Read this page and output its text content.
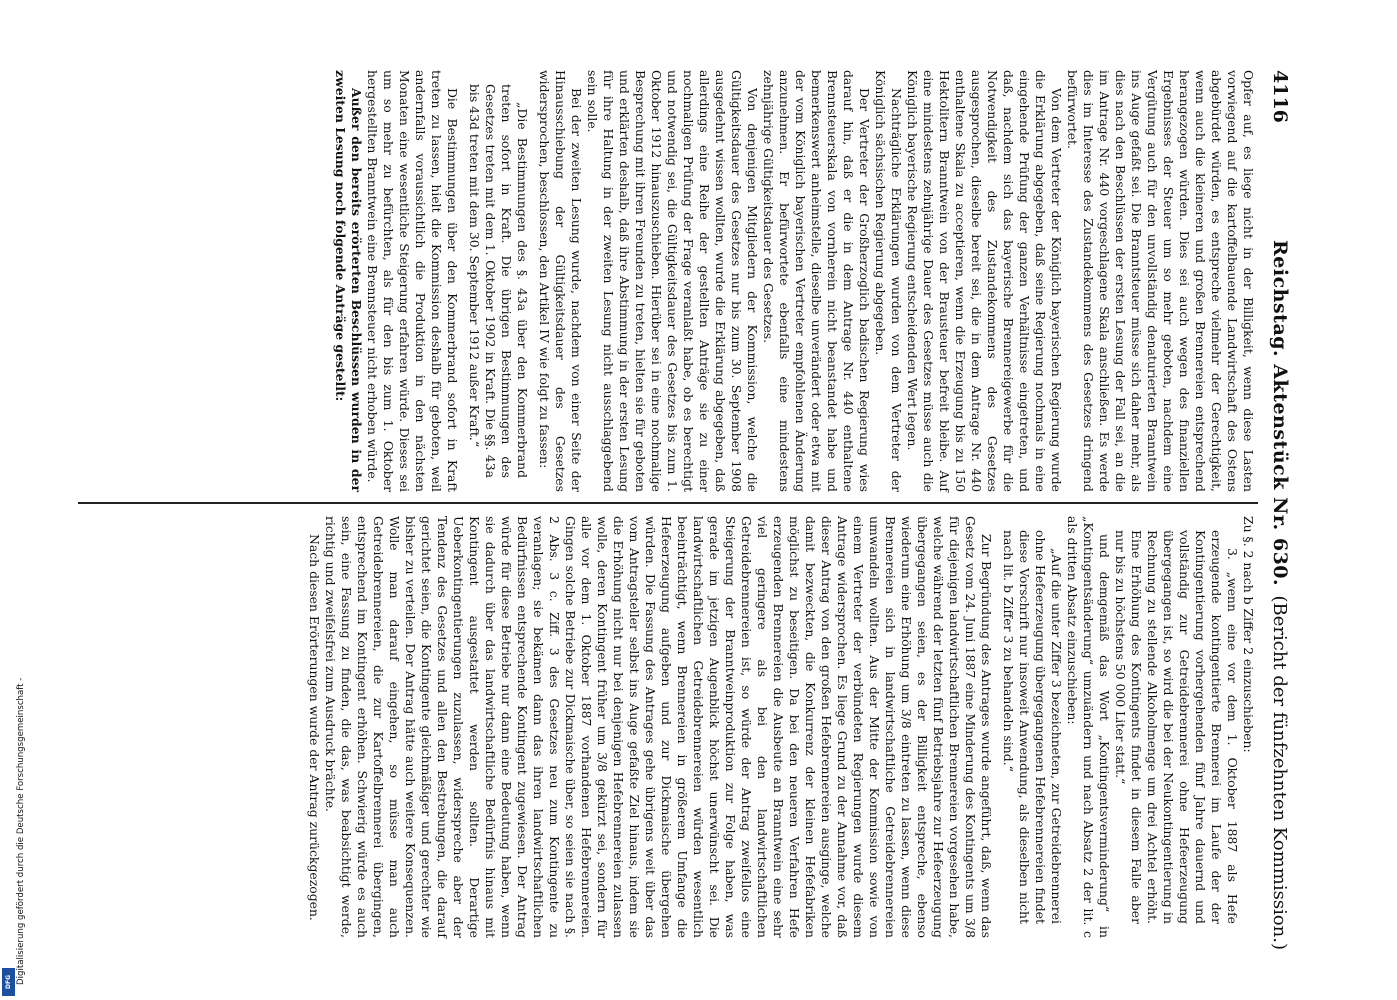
4116
Reichstag. Aktenstück Nr. 630.
(Bericht der fünfzehnten Kommission.)

Opfer auf, es liege nicht in der Billigkeit, wenn diese Lasten vorwiegend auf die kartoffelbauende Landwirtschaft des Ostens abgebürdet würden, es entspreche vielmehr der Gerechtigkeit, wenn auch die kleineren und großen Brennereien entsprechend herangezogen würden. Dies sei auch wegen des finanziellen Ergebnisses der Steuer um so mehr geboten, nachdem eine Vergütung auch für den unvollständig denaturierten Branntwein ins Auge gefaßt sei. Die Branntsteuer müsse sich daher mehr, als dies nach den Beschlüssen der ersten Lesung der Fall sei, an die im Antrage Nr. 440 vorgeschlagene Skala anschließen. Es werde dies im Interesse des Zustandekommens des Gesetzes dringend befürwortet.

Von dem Vertreter der Königlich bayerischen Regierung wurde die Erklärung abgegeben, daß seine Regierung nochmals in eine eingehende Prüfung der ganzen Verhältnisse eingetreten, und daß, nachdem sich das bayerische Brennereigewerbe für die Notwendigkeit des Zustandekommens des Gesetzes ausgesprochen, dieselbe bereit sei, die in dem Antrage Nr. 440 enthaltene Skala zu acceptieren, wenn die Erzeugung bis zu 150 Hektolitern Branntwein von der Brausteuer befreit bleibe. Auf eine mindestens zehnjährige Dauer des Gesetzes müsse auch die Königlich bayerische Regierung entscheidenden Wert legen.

Nachträgliche Erklärungen wurden von dem Vertreter der Königlich sächsischen Regierung abgegeben.

Der Vertreter der Großherzoglich badischen Regierung wies darauf hin, daß er die in dem Antrage Nr. 440 enthaltene Brennsteuerskala von vornherein nicht beanstandet habe und bemerkenswert anheimstelle, dieselbe unverändert oder etwa mit der vom Königlich bayerischen Vertreter empfohlenen Änderung anzunehmen. Er befürwortete ebenfalls eine mindestens zehnjährige Gültigkeitsdauer des Gesetzes.

Von denjenigen Mitgliedern der Kommission, welche die Gültigkeitsdauer des Gesetzes nur bis zum 30. September 1908 ausgedehnt wissen wollten, wurde die Erklärung abgegeben, daß allerdings eine Reihe der gestellten Anträge sie zu einer nochmaligen Prüfung der Frage veranlaßt habe, ob es berechtigt und notwendig sei, die Gültigkeitsdauer des Gesetzes bis zum 1. Oktober 1912 hinauszuschieben. Hierüber sei in eine nochmalige Besprechung mit ihren Freunden zu treten, hielten sie für geboten und erklärten deshalb, daß ihre Abstimmung in der ersten Lesung für ihre Haltung in der zweiten Lesung nicht ausschlaggebend sein solle.

Bei der zweiten Lesung wurde, nachdem von einer Seite der Hinausschiebung der Gültigkeitsdauer des Gesetzes widersprochen, beschlossen, den Artikel IV wie folgt zu fassen:

„Die Bestimmungen des §. 43a über den Kommerbrand treten sofort in Kraft. Die übrigen Bestimmungen des Gesetzes treten mit dem 1. Oktober 1902 in Kraft. Die §§. 43a bis 43d treten mit dem 30. September 1912 außer Kraft.“

Die Bestimmungen über den Kommerbrand sofort in Kraft treten zu lassen, hielt die Kommission deshalb für geboten, weil andernfalls voraussichtlich die Produktion in den nächsten Monaten eine wesentliche Steigerung erfahren würde. Dieses sei um so mehr zu befürchten, als für den bis zum 1. Oktober hergestellten Branntwein eine Brennsteuer nicht erhoben würde.

Außer den bereits erörterten Beschlüssen wurden in der zweiten Lesung noch folgende Anträge gestellt:

Zu §. 2 nach b Ziffer 2 einzuschieben:

3. „wenn eine vor dem 1. Oktober 1887 als Hefe erzeugende kontingentierte Brennerei im Laufe der der Kontingentierung vorhergehenden fünf Jahre dauernd und vollständig zur Getreidebrennerei ohne Hefeerzeugung übergegangen ist, so wird die bei der Neukontingentierung in Rechnung zu stellende Alkoholmenge um drei Achtel erhöht. Eine Erhöhung des Kontingents findet in diesem Falle aber nur bis zu höchstens 50 000 Liter statt.“

und demgemäß das Wort „Kontingentsverminderung“ in „Kontingentsänderung“ umzuändern und nach Absatz 2 der lit. c als dritten Absatz einzuschieben:

„Auf die unter Ziffer 3 bezeichneten, zur Getreidebrennerei ohne Hefeerzeugung übergegangenen Hefebrennereien findet diese Vorschrift nur insoweit Anwendung, als dieselben nicht nach lit. b Ziffer 3 zu behandeln sind.“

Zur Begründung des Antrages wurde angeführt, daß, wenn das Gesetz vom 24. Juni 1887 eine Minderung des Kontingents um 3/8 für diejenigen landwirtschaftlichen Brennereien vorgesehen habe, welche während der letzten fünf Betriebsjahre zur Hefeerzeugung übergegangen seien, es der Billigkeit entspreche, ebenso wiederum eine Erhöhung um 3/8 eintreten zu lassen, wenn diese Brennereien sich in landwirtschaftliche Getreidebrennereien umwandeln wollten. Aus der Mitte der Kommission sowie von einem Vertreter der verbündeten Regierungen wurde diesem Antrage widersprochen. Es liege Grund zu der Annahme vor, daß dieser Antrag von den großen Hefebrennereien ausginge, welche damit bezweckten, die Konkurrenz der kleinen Hefefabriken möglichst zu beseitigen. Da bei den neueren Verfahren Hefe erzeugenden Brennereien die Ausbeute an Branntwein eine sehr viel geringere als bei den landwirtschaftlichen Getreidebrennereien ist, so würde der Antrag zweifellos eine Steigerung der Branntweinproduktion zur Folge haben, was gerade im jetzigen Augenblick höchst unerwünscht sei. Die landwirtschaftlichen Getreidebrennereien würden wesentlich beeinträchtigt, wenn Brennereien in größerem Umfange die Hefeerzeugung aufgeben und zur Dickmaische übergehen würden. Die Fassung des Antrages gehe übrigens weit über das vom Antragsteller selbst ins Auge gefaßte Ziel hinaus, indem sie die Erhöhung nicht nur bei denjenigen Hefebrennereien zulassen wolle, deren Kontingent früher um 3/8 gekürzt sei, sondern für alle vor dem 1. Oktober 1887 vorhandenen Hefebrennereien. Gingen solche Betriebe zur Dickmaische über, so seien sie nach §. 2 Abs. 3 c. Ziff. 3 des Gesetzes neu zum Kontingente zu veranlagen; sie bekämen dann das ihren landwirtschaftlichen Bedürfnissen entsprechende Kontingent zugewiesen. Der Antrag würde für diese Betriebe nur dann eine Bedeutung haben, wenn sie dadurch über das landwirtschaftliche Bedürfnis hinaus mit Kontingent ausgestattet werden sollten. Derartige Ueberkontingentierungen zuzulassen, widerspreche aber der Tendenz des Gesetzes und allen den Bestrebungen, die darauf gerichtet seien, die Kontingente gleichmäßiger und gerechter wie bisher zu verteilen. Der Antrag hätte auch weitere Konsequenzen. Wolle man darauf eingehen, so müsse man auch Getreidebrennereien, die zur Kartoffelbrennerei übergingen, entsprechend im Kontingent erhöhen. Schwierig würde es auch sein, eine Fassung zu finden, die das, was beabsichtigt werde, richtig und zweifelsfrei zum Ausdruck brächte.

Nach diesen Erörterungen wurde der Antrag zurückgezogen.

Digitalisierung gefördert durch die Deutsche Forschungsgemeinschaft -
DFG
